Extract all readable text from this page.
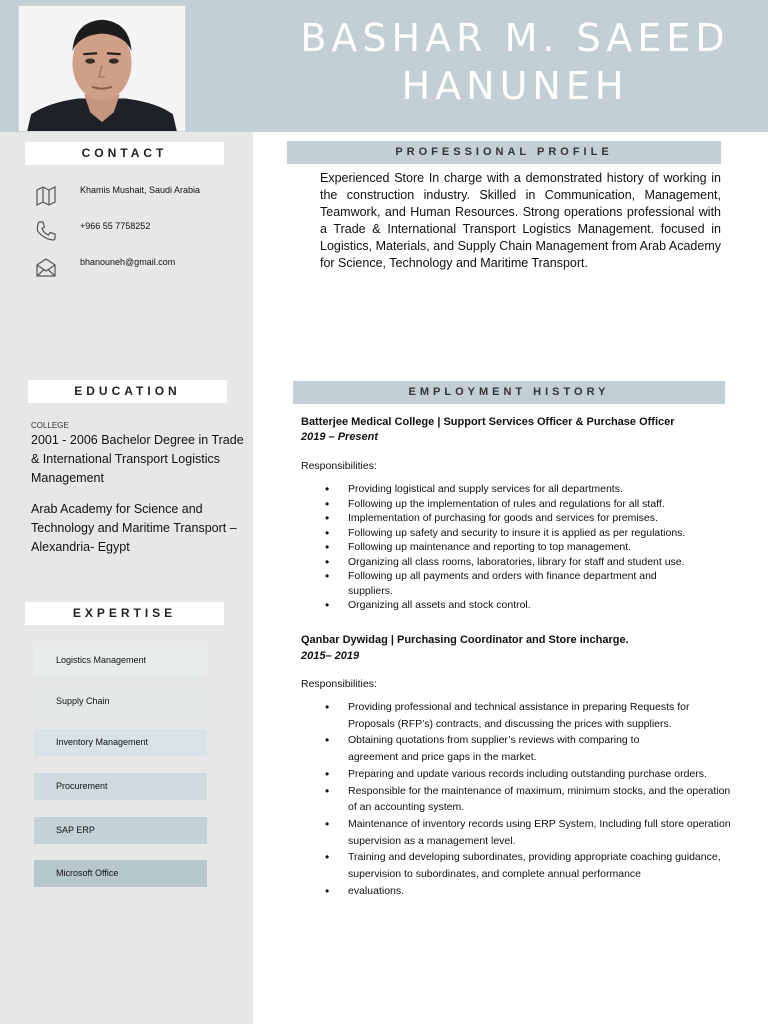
BASHAR M. SAEED
HANUNEH
CONTACT
Khamis Mushait, Saudi Arabia
+966 55 7758252
bhanouneh@gmail.com
EDUCATION
COLLEGE
2001 - 2006 Bachelor Degree in Trade & International Transport Logistics Management
Arab Academy for Science and Technology and Maritime Transport – Alexandria- Egypt
EXPERTISE
Logistics Management
Supply Chain
Inventory Management
Procurement
SAP ERP
Microsoft Office
PROFESSIONAL PROFILE
Experienced Store In charge with a demonstrated history of working in the construction industry. Skilled in Communication, Management, Teamwork, and Human Resources. Strong operations professional with a Trade & International Transport Logistics Management. focused in Logistics, Materials, and Supply Chain Management from Arab Academy for Science, Technology and Maritime Transport.
EMPLOYMENT HISTORY
Batterjee Medical College | Support Services Officer & Purchase Officer
2019 – Present
Responsibilities:
• Providing logistical and supply services for all departments.
• Following up the implementation of rules and regulations for all staff.
• Implementation of purchasing for goods and services for premises.
• Following up safety and security to insure it is applied as per regulations.
• Following up maintenance and reporting to top management.
• Organizing all class rooms, laboratories, library for staff and student use.
• Following up all payments and orders with finance department and suppliers.
• Organizing all assets and stock control.
Qanbar Dywidag | Purchasing Coordinator and Store incharge.
2015– 2019
Responsibilities:
• Providing professional and technical assistance in preparing Requests for Proposals (RFP’s) contracts, and discussing the prices with suppliers.
• Obtaining quotations from supplier’s reviews with comparing to agreement and price gaps in the market.
• Preparing and update various records including outstanding purchase orders.
• Responsible for the maintenance of maximum, minimum stocks, and the operation of an accounting system.
• Maintenance of inventory records using ERP System, Including full store operation supervision as a management level.
• Training and developing subordinates, providing appropriate coaching guidance, supervision to subordinates, and complete annual performance
• evaluations.
